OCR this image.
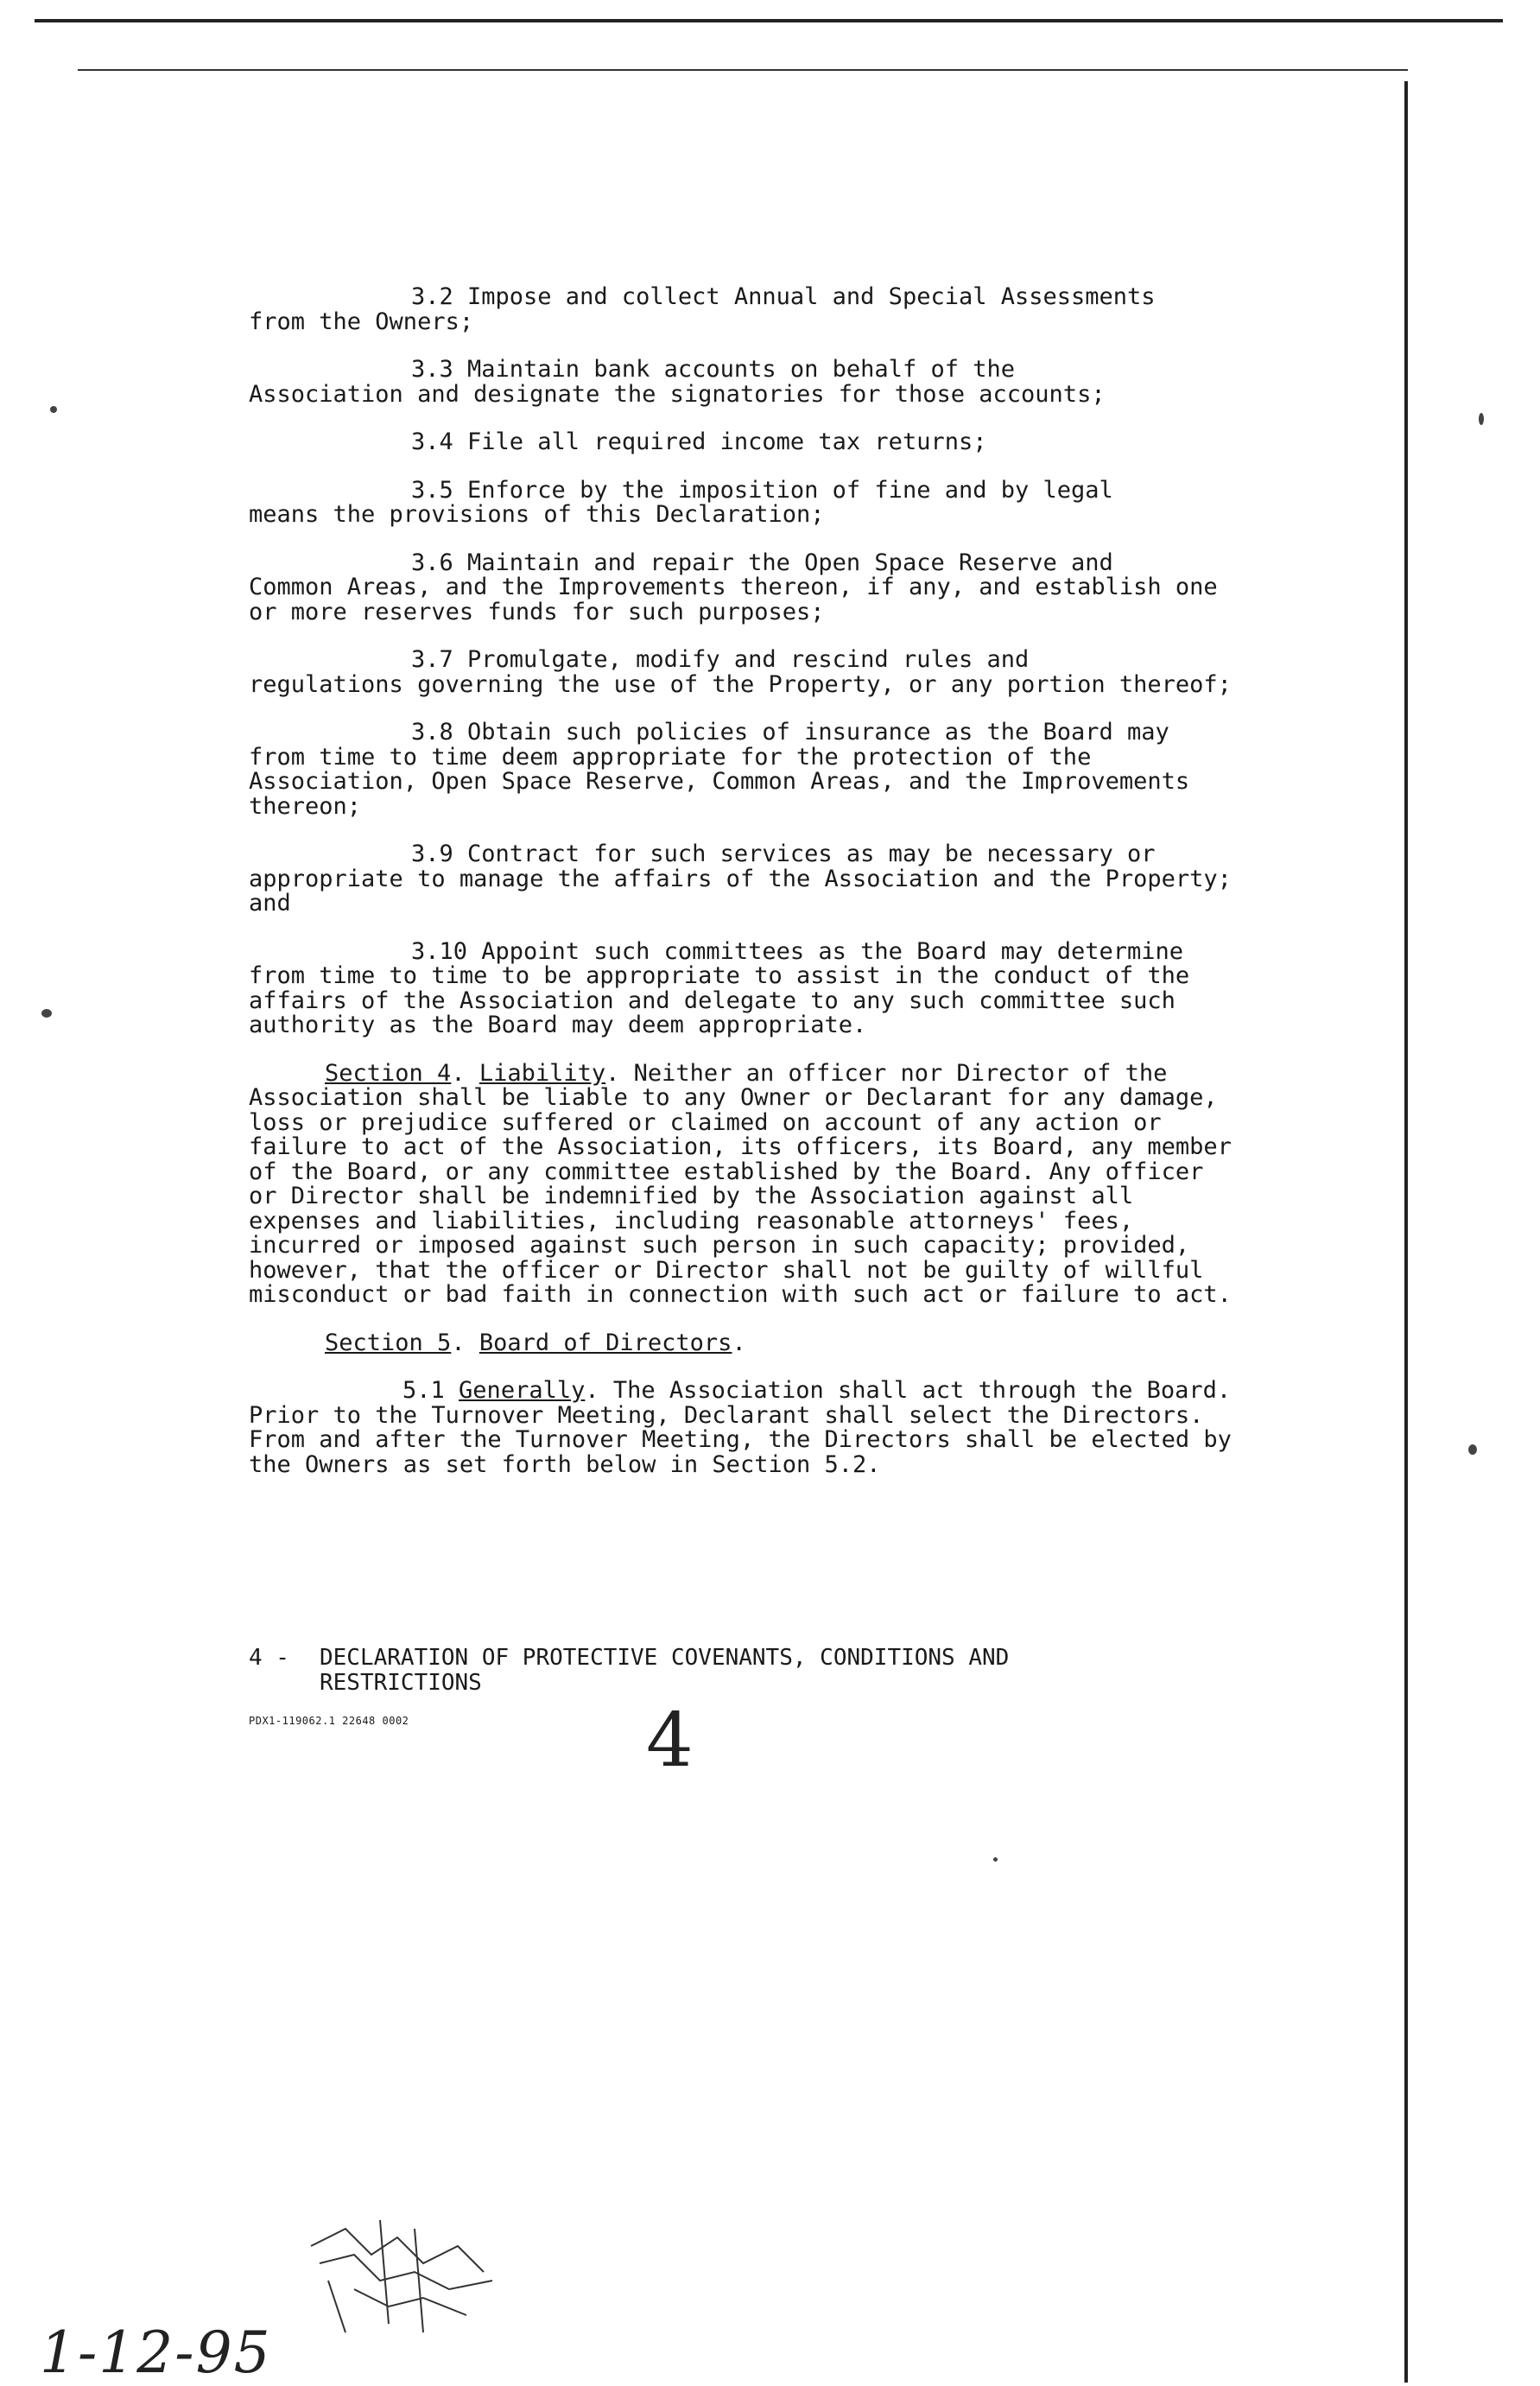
3.2 Impose and collect Annual and Special Assessments
from the Owners;
3.3 Maintain bank accounts on behalf of the
Association and designate the signatories for those accounts;
3.4 File all required income tax returns;
3.5 Enforce by the imposition of fine and by legal
means the provisions of this Declaration;
3.6 Maintain and repair the Open Space Reserve and
Common Areas, and the Improvements thereon, if any, and establish one or more reserves funds for such purposes;
3.7 Promulgate, modify and rescind rules and
regulations governing the use of the Property, or any portion thereof;
3.8 Obtain such policies of insurance as the Board may
from time to time deem appropriate for the protection of the Association, Open Space Reserve, Common Areas, and the Improvements thereon;
3.9 Contract for such services as may be necessary or
appropriate to manage the affairs of the Association and the Property; and
3.10 Appoint such committees as the Board may determine
from time to time to be appropriate to assist in the conduct of the affairs of the Association and delegate to any such committee such authority as the Board may deem appropriate.

Section 4. Liability. Neither an officer nor Director of the Association shall be liable to any Owner or Declarant for any damage, loss or prejudice suffered or claimed on account of any action or failure to act of the Association, its officers, its Board, any member of the Board, or any committee established by the Board. Any officer or Director shall be indemnified by the Association against all expenses and liabilities, including reasonable attorneys' fees, incurred or imposed against such person in such capacity; provided, however, that the officer or Director shall not be guilty of willful misconduct or bad faith in connection with such act or failure to act.

Section 5. Board of Directors.

5.1 Generally. The Association shall act through the Board. Prior to the Turnover Meeting, Declarant shall select the Directors. From and after the Turnover Meeting, the Directors shall be elected by the Owners as set forth below in Section 5.2.

4 - DECLARATION OF PROTECTIVE COVENANTS, CONDITIONS AND
RESTRICTIONS
PDX1-119062.1 22648 0002	4
1-12-95
